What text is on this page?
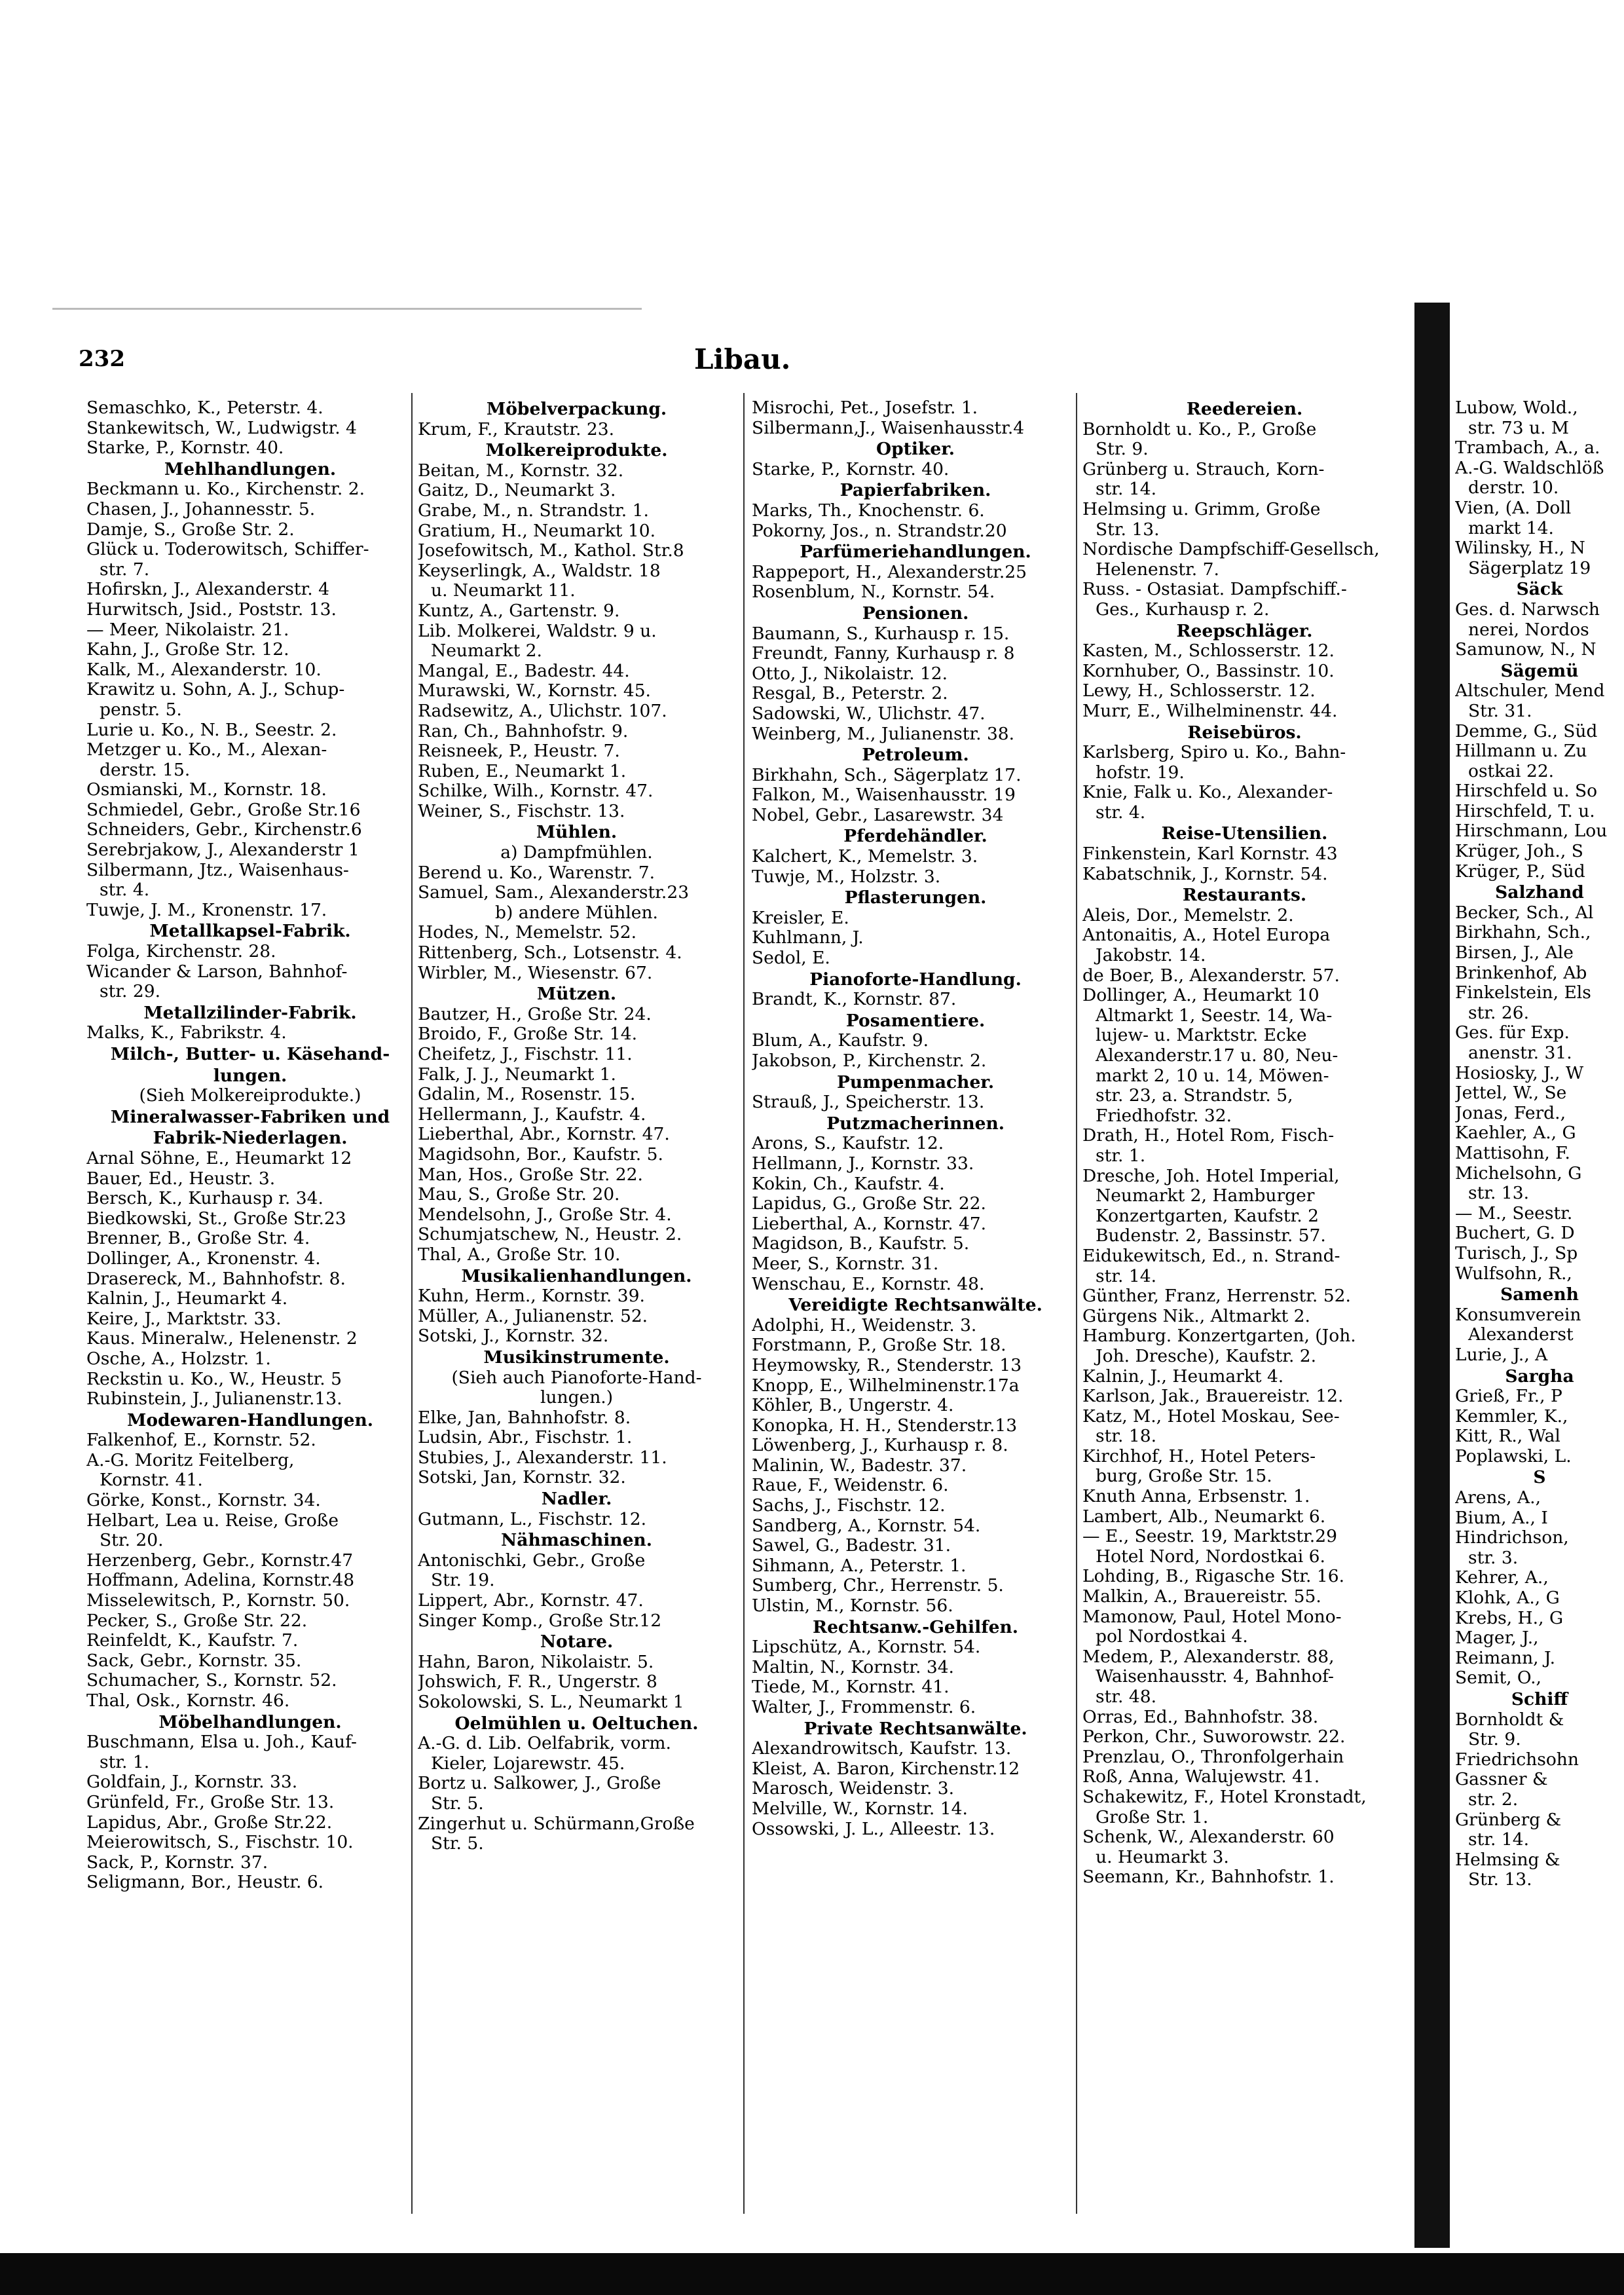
232	Libau.
Semaschko, K., Peterstr. 4.
Stankewitsch, W., Ludwigstr. 4
Starke, P., Kornstr. 40.
Mehlhandlungen.
Beckmann u. Ko., Kirchenstr. 2.
Chasen, J., Johannesstr. 5.
Damje, S., Große Str. 2.
Glück u. Toderowitsch, Schiffer-
str. 7.
Hofirskn, J., Alexanderstr. 4
Hurwitsch, Jsid., Poststr. 13.
— Meer, Nikolaistr. 21.
Kahn, J., Große Str. 12.
Kalk, M., Alexanderstr. 10.
Krawitz u. Sohn, A. J., Schup-
penstr. 5.
Lurie u. Ko., N. B., Seestr. 2.
Metzger u. Ko., M., Alexan-
derstr. 15.
Osmianski, M., Kornstr. 18.
Schmiedel, Gebr., Große Str.16
Schneiders, Gebr., Kirchenstr.6
Serebrjakow, J., Alexanderstr 1
Silbermann, Jtz., Waisenhaus-
str. 4.
Tuwje, J. M., Kronenstr. 17.
Metallkapsel-Fabrik.
Folga, Kirchenstr. 28.
Wicander & Larson, Bahnhof-
str. 29.
Metallzilinder-Fabrik.
Malks, K., Fabrikstr. 4.
Milch-, Butter- u. Käsehand-
lungen.
(Sieh Molkereiprodukte.)
Mineralwasser-Fabriken und
Fabrik-Niederlagen.
Arnal Söhne, E., Heumarkt 12
Bauer, Ed., Heustr. 3.
Bersch, K., Kurhausp r. 34.
Biedkowski, St., Große Str.23
Brenner, B., Große Str. 4.
Dollinger, A., Kronenstr. 4.
Drasereck, M., Bahnhofstr. 8.
Kalnin, J., Heumarkt 4.
Keire, J., Marktstr. 33.
Kaus. Mineralw., Helenenstr. 2
Osche, A., Holzstr. 1.
Reckstin u. Ko., W., Heustr. 5
Rubinstein, J., Julianenstr.13.
Modewaren-Handlungen.
Falkenhof, E., Kornstr. 52.
A.-G. Moritz Feitelberg,
Kornstr. 41.
Görke, Konst., Kornstr. 34.
Helbart, Lea u. Reise, Große
Str. 20.
Herzenberg, Gebr., Kornstr.47
Hoffmann, Adelina, Kornstr.48
Misselewitsch, P., Kornstr. 50.
Pecker, S., Große Str. 22.
Reinfeldt, K., Kaufstr. 7.
Sack, Gebr., Kornstr. 35.
Schumacher, S., Kornstr. 52.
Thal, Osk., Kornstr. 46.
Möbelhandlungen.
Buschmann, Elsa u. Joh., Kauf-
str. 1.
Goldfain, J., Kornstr. 33.
Grünfeld, Fr., Große Str. 13.
Lapidus, Abr., Große Str.22.
Meierowitsch, S., Fischstr. 10.
Sack, P., Kornstr. 37.
Seligmann, Bor., Heustr. 6.
Möbelverpackung.
Krum, F., Krautstr. 23.
Molkereiprodukte.
Beitan, M., Kornstr. 32.
Gaitz, D., Neumarkt 3.
Grabe, M., n. Strandstr. 1.
Gratium, H., Neumarkt 10.
Josefowitsch, M., Kathol. Str.8
Keyserlingk, A., Waldstr. 18
u. Neumarkt 11.
Kuntz, A., Gartenstr. 9.
Lib. Molkerei, Waldstr. 9 u.
Neumarkt 2.
Mangal, E., Badestr. 44.
Murawski, W., Kornstr. 45.
Radsewitz, A., Ulichstr. 107.
Ran, Ch., Bahnhofstr. 9.
Reisneek, P., Heustr. 7.
Ruben, E., Neumarkt 1.
Schilke, Wilh., Kornstr. 47.
Weiner, S., Fischstr. 13.
Mühlen.
a) Dampfmühlen.
Berend u. Ko., Warenstr. 7.
Samuel, Sam., Alexanderstr.23
b) andere Mühlen.
Hodes, N., Memelstr. 52.
Rittenberg, Sch., Lotsenstr. 4.
Wirbler, M., Wiesenstr. 67.
Mützen.
Bautzer, H., Große Str. 24.
Broido, F., Große Str. 14.
Cheifetz, J., Fischstr. 11.
Falk, J. J., Neumarkt 1.
Gdalin, M., Rosenstr. 15.
Hellermann, J., Kaufstr. 4.
Lieberthal, Abr., Kornstr. 47.
Magidsohn, Bor., Kaufstr. 5.
Man, Hos., Große Str. 22.
Mau, S., Große Str. 20.
Mendelsohn, J., Große Str. 4.
Schumjatschew, N., Heustr. 2.
Thal, A., Große Str. 10.
Musikalienhandlungen.
Kuhn, Herm., Kornstr. 39.
Müller, A., Julianenstr. 52.
Sotski, J., Kornstr. 32.
Musikinstrumente.
(Sieh auch Pianoforte-Hand-
lungen.)
Elke, Jan, Bahnhofstr. 8.
Ludsin, Abr., Fischstr. 1.
Stubies, J., Alexanderstr. 11.
Sotski, Jan, Kornstr. 32.
Nadler.
Gutmann, L., Fischstr. 12.
Nähmaschinen.
Antonischki, Gebr., Große
Str. 19.
Lippert, Abr., Kornstr. 47.
Singer Komp., Große Str.12
Notare.
Hahn, Baron, Nikolaistr. 5.
Johswich, F. R., Ungerstr. 8
Sokolowski, S. L., Neumarkt 1
Oelmühlen u. Oeltuchen.
A.-G. d. Lib. Oelfabrik, vorm.
Kieler, Lojarewstr. 45.
Bortz u. Salkower, J., Große
Str. 5.
Zingerhut u. Schürmann,Große
Str. 5.
Misrochi, Pet., Josefstr. 1.
Silbermann,J., Waisenhausstr.4
Optiker.
Starke, P., Kornstr. 40.
Papierfabriken.
Marks, Th., Knochenstr. 6.
Pokorny, Jos., n. Strandstr.20
Parfümeriehandlungen.
Rappeport, H., Alexanderstr.25
Rosenblum, N., Kornstr. 54.
Pensionen.
Baumann, S., Kurhausp r. 15.
Freundt, Fanny, Kurhausp r. 8
Otto, J., Nikolaistr. 12.
Resgal, B., Peterstr. 2.
Sadowski, W., Ulichstr. 47.
Weinberg, M., Julianenstr. 38.
Petroleum.
Birkhahn, Sch., Sägerplatz 17.
Falkon, M., Waisenhausstr. 19
Nobel, Gebr., Lasarewstr. 34
Pferdehändler.
Kalchert, K., Memelstr. 3.
Tuwje, M., Holzstr. 3.
Pflasterungen.
Kreisler, E.
Kuhlmann, J.
Sedol, E.
Pianoforte-Handlung.
Brandt, K., Kornstr. 87.
Posamentiere.
Blum, A., Kaufstr. 9.
Jakobson, P., Kirchenstr. 2.
Pumpenmacher.
Strauß, J., Speicherstr. 13.
Putzmacherinnen.
Arons, S., Kaufstr. 12.
Hellmann, J., Kornstr. 33.
Kokin, Ch., Kaufstr. 4.
Lapidus, G., Große Str. 22.
Lieberthal, A., Kornstr. 47.
Magidson, B., Kaufstr. 5.
Meer, S., Kornstr. 31.
Wenschau, E., Kornstr. 48.
Vereidigte Rechtsanwälte.
Adolphi, H., Weidenstr. 3.
Forstmann, P., Große Str. 18.
Heymowsky, R., Stenderstr. 13
Knopp, E., Wilhelminenstr.17a
Köhler, B., Ungerstr. 4.
Konopka, H. H., Stenderstr.13
Löwenberg, J., Kurhausp r. 8.
Malinin, W., Badestr. 37.
Raue, F., Weidenstr. 6.
Sachs, J., Fischstr. 12.
Sandberg, A., Kornstr. 54.
Sawel, G., Badestr. 31.
Sihmann, A., Peterstr. 1.
Sumberg, Chr., Herrenstr. 5.
Ulstin, M., Kornstr. 56.
Rechtsanw.-Gehilfen.
Lipschütz, A., Kornstr. 54.
Maltin, N., Kornstr. 34.
Tiede, M., Kornstr. 41.
Walter, J., Frommenstr. 6.
Private Rechtsanwälte.
Alexandrowitsch, Kaufstr. 13.
Kleist, A. Baron, Kirchenstr.12
Marosch, Weidenstr. 3.
Melville, W., Kornstr. 14.
Ossowski, J. L., Alleestr. 13.
Reedereien.
Bornholdt u. Ko., P., Große
Str. 9.
Grünberg u. Strauch, Korn-
str. 14.
Helmsing u. Grimm, Große
Str. 13.
Nordische Dampfschiff-Gesellsch,
Helenenstr. 7.
Russ. - Ostasiat. Dampfschiff.-
Ges., Kurhausp r. 2.
Reepschläger.
Kasten, M., Schlosserstr. 12.
Kornhuber, O., Bassinstr. 10.
Lewy, H., Schlosserstr. 12.
Murr, E., Wilhelminenstr. 44.
Reisebüros.
Karlsberg, Spiro u. Ko., Bahn-
hofstr. 19.
Knie, Falk u. Ko., Alexander-
str. 4.
Reise-Utensilien.
Finkenstein, Karl Kornstr. 43
Kabatschnik, J., Kornstr. 54.
Restaurants.
Aleis, Dor., Memelstr. 2.
Antonaitis, A., Hotel Europa
Jakobstr. 14.
de Boer, B., Alexanderstr. 57.
Dollinger, A., Heumarkt 10
Altmarkt 1, Seestr. 14, Wa-
lujew- u. Marktstr. Ecke
Alexanderstr.17 u. 80, Neu-
markt 2, 10 u. 14, Möwen-
str. 23, a. Strandstr. 5,
Friedhofstr. 32.
Drath, H., Hotel Rom, Fisch-
str. 1.
Dresche, Joh. Hotel Imperial,
Neumarkt 2, Hamburger
Konzertgarten, Kaufstr. 2
Budenstr. 2, Bassinstr. 57.
Eidukewitsch, Ed., n. Strand-
str. 14.
Günther, Franz, Herrenstr. 52.
Gürgens Nik., Altmarkt 2.
Hamburg. Konzertgarten, (Joh.
Joh. Dresche), Kaufstr. 2.
Kalnin, J., Heumarkt 4.
Karlson, Jak., Brauereistr. 12.
Katz, M., Hotel Moskau, See-
str. 18.
Kirchhof, H., Hotel Peters-
burg, Große Str. 15.
Knuth Anna, Erbsenstr. 1.
Lambert, Alb., Neumarkt 6.
— E., Seestr. 19, Marktstr.29
Hotel Nord, Nordostkai 6.
Lohding, B., Rigasche Str. 16.
Malkin, A., Brauereistr. 55.
Mamonow, Paul, Hotel Mono-
pol Nordostkai 4.
Medem, P., Alexanderstr. 88,
Waisenhausstr. 4, Bahnhof-
str. 48.
Orras, Ed., Bahnhofstr. 38.
Perkon, Chr., Suworowstr. 22.
Prenzlau, O., Thronfolgerhain
Roß, Anna, Walujewstr. 41.
Schakewitz, F., Hotel Kronstadt,
Große Str. 1.
Schenk, W., Alexanderstr. 60
u. Heumarkt 3.
Seemann, Kr., Bahnhofstr. 1.
Lubow, Wold.,
str. 73 u. M
Trambach, A., a.
A.-G. Waldschlöß
derstr. 10.
Vien, (A. Doll
markt 14.
Wilinsky, H., N
Sägerplatz 19
Säck
Ges. d. Narwsch
nerei, Nordos
Samunow, N., N
Sägemü
Altschuler, Mend
Str. 31.
Demme, G., Süd
Hillmann u. Zu
ostkai 22.
Hirschfeld u. So
Hirschfeld, T. u.
Hirschmann, Lou
Krüger, Joh., S
Krüger, P., Süd
Salzhand
Becker, Sch., Al
Birkhahn, Sch.,
Birsen, J., Ale
Brinkenhof, Ab
Finkelstein, Els
str. 26.
Ges. für Exp.
anenstr. 31.
Hosiosky, J., W
Jettel, W., Se
Jonas, Ferd.,
Kaehler, A., G
Mattisohn, F.
Michelsohn, G
str. 13.
— M., Seestr.
Buchert, G. D
Turisch, J., Sp
Wulfsohn, R.,
Samenh
Konsumverein
Alexanderst
Lurie, J., A
Sargha
Grieß, Fr., P
Kemmler, K.,
Kitt, R., Wal
Poplawski, L.
S
Arens, A.,
Bium, A., I
Hindrichson,
str. 3.
Kehrer, A.,
Klohk, A., G
Krebs, H., G
Mager, J.,
Reimann, J.
Semit, O.,
Schiff
Bornholdt &
Str. 9.
Friedrichsohn
Gassner &
str. 2.
Grünberg &
str. 14.
Helmsing &
Str. 13.
